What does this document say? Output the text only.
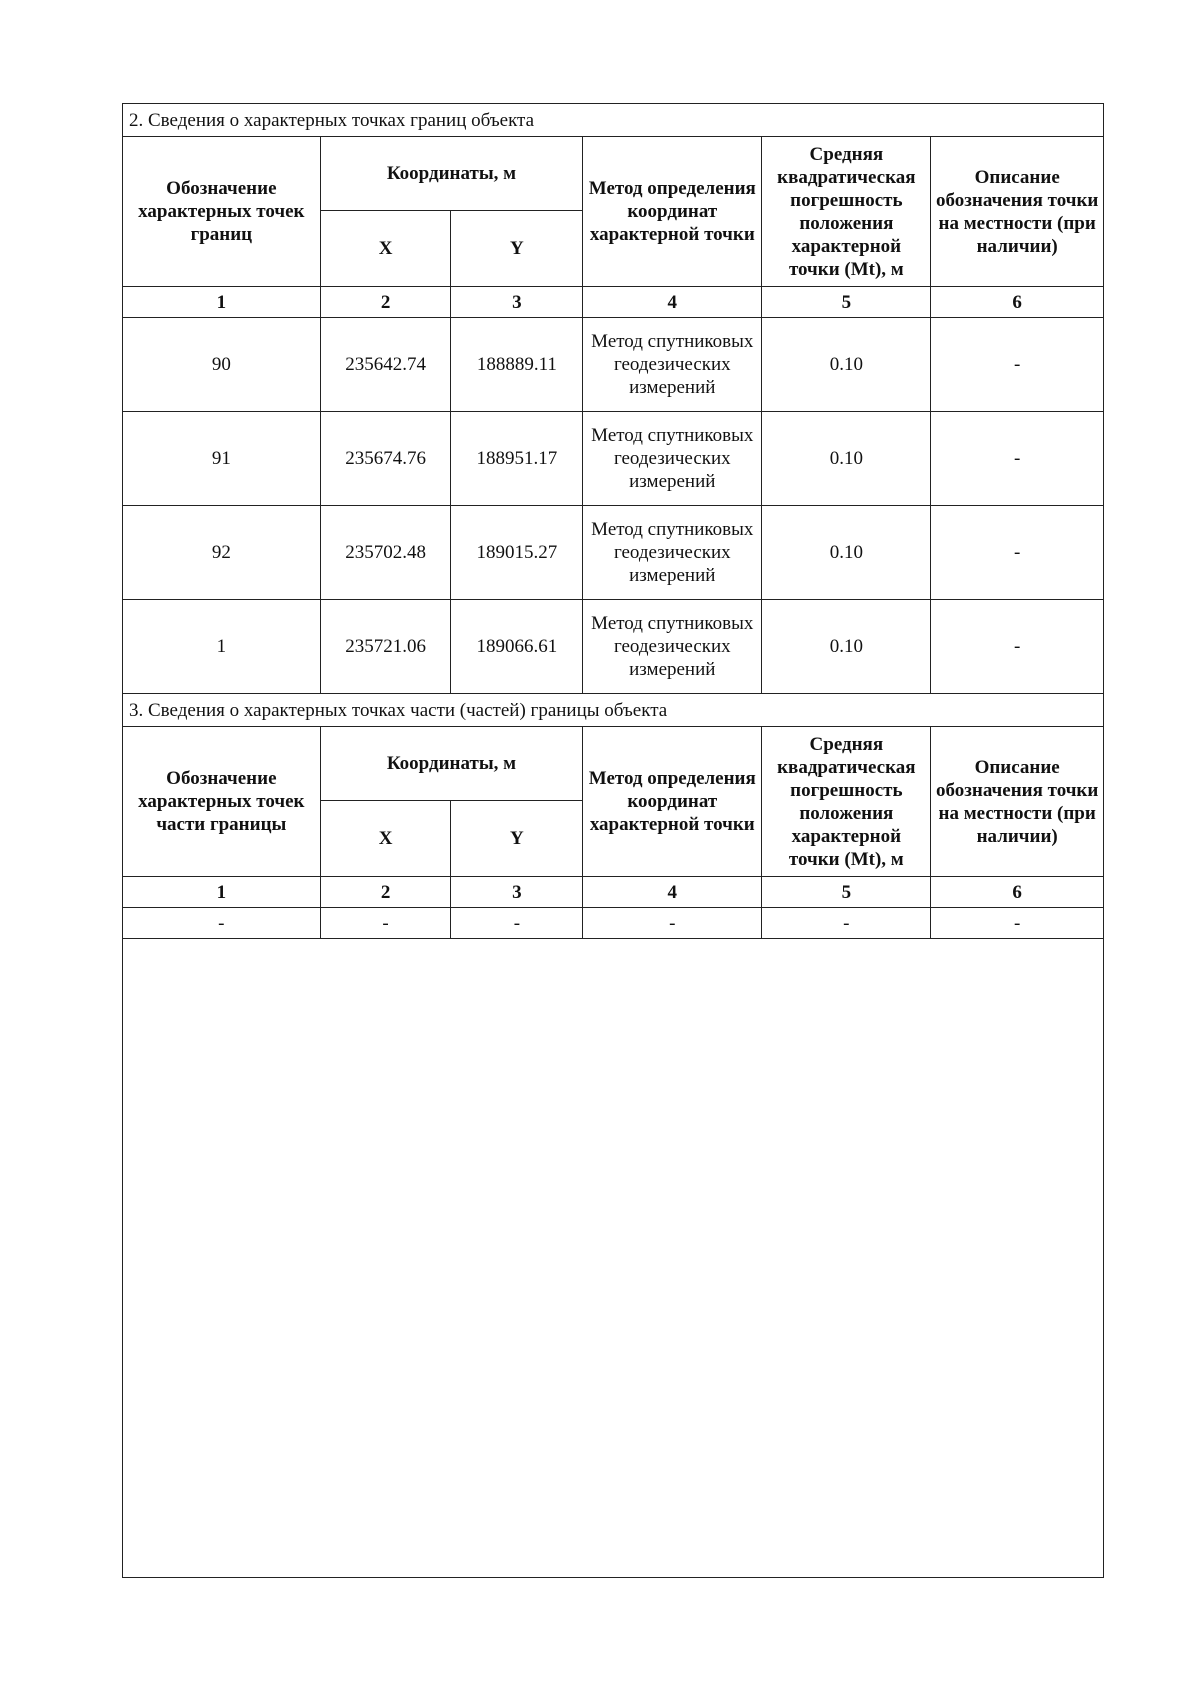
2. Сведения о характерных точках границ объекта					
Обозначение характерных точек границ	Координаты, м		Метод определения координат характерной точки	Средняя квадратическая погрешность положения характерной точки (Mt), м	Описание обозначения точки на местности (при наличии)
	X	Y			
1	2	3	4	5	6
90	235642.74	188889.11	Метод спутниковых геодезических измерений	0.10	-
91	235674.76	188951.17	Метод спутниковых геодезических измерений	0.10	-
92	235702.48	189015.27	Метод спутниковых геодезических измерений	0.10	-
1	235721.06	189066.61	Метод спутниковых геодезических измерений	0.10	-
3. Сведения о характерных точках части (частей) границы объекта					
Обозначение характерных точек части границы	Координаты, м		Метод определения координат характерной точки	Средняя квадратическая погрешность положения характерной точки (Mt), м	Описание обозначения точки на местности (при наличии)
	X	Y			
1	2	3	4	5	6
-	-	-	-	-	-
